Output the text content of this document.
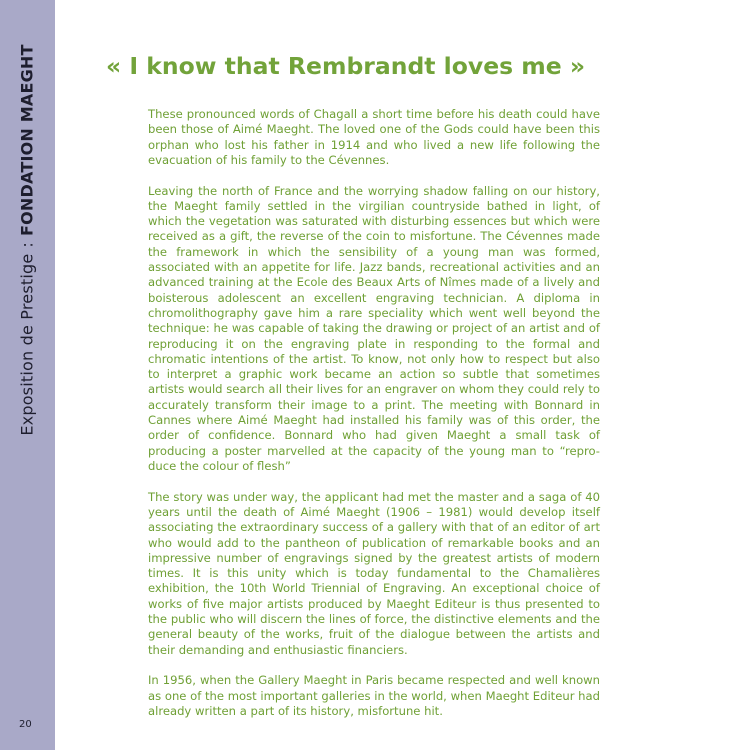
Exposition de Prestige:FONDATION MAEGHT
20
« I know that Rembrandt loves me »

These pronounced words of Chagall a short time before his death could have been those of Aimé Maeght. The loved one of the Gods could have been this orphan who lost his father in 1914 and who lived a new life following the evacuation of his family to the Cévennes.

Leaving the north of France and the worrying shadow falling on our history, the Maeght family settled in the virgilian countryside bathed in light, of which the vegetation was saturated with disturbing essences but which were received as a gift, the reverse of the coin to misfortune. The Cévennes made the framework in which the sensibility of a young man was formed, associated with an appetite for life. Jazz bands, recreational activities and an advanced training at the Ecole des Beaux Arts of Nîmes made of a lively and boisterous adolescent an excellent engraving technician. A diploma in chromolithography gave him a rare speciality which went well beyond the technique: he was capable of taking the drawing or project of an artist and of reproducing it on the engraving plate in responding to the formal and chromatic intentions of the artist. To know, not only how to respect but also to interpret a graphic work became an action so subtle that sometimes artists would search all their lives for an engraver on whom they could rely to accurately transform their image to a print. The meeting with Bonnard in Cannes where Aimé Maeght had installed his family was of this order, the order of confidence. Bonnard who had given Maeght a small task of producing a poster marvelled at the capacity of the young man to “repro-duce the colour of flesh”

The story was under way, the applicant had met the master and a saga of 40 years until the death of Aimé Maeght (1906 – 1981) would develop itself associating the extraordinary success of a gallery with that of an editor of art who would add to the pantheon of publication of remarkable books and an impressive number of engravings signed by the greatest artists of modern times. It is this unity which is today fundamental to the Chamalières exhibition, the 10th World Triennial of Engraving. An exceptional choice of works of five major artists produced by Maeght Editeur is thus presented to the public who will discern the lines of force, the distinctive elements and the general beauty of the works, fruit of the dialogue between the artists and their demanding and enthusiastic financiers.

In 1956, when the Gallery Maeght in Paris became respected and well known as one of the most important galleries in the world, when Maeght Editeur had already written a part of its history, misfortune hit.
